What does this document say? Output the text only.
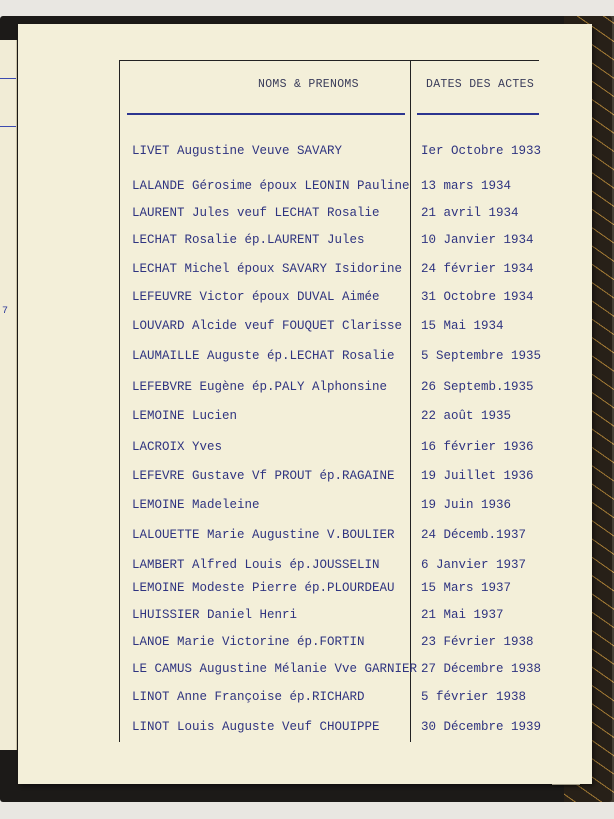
7
NOMS & PRENOMS	DATES DES ACTES
LIVET Augustine Veuve SAVARY	Ier Octobre 1933
LALANDE Gérosime époux LEONIN Pauline 13 mars 1934
LAURENT Jules veuf LECHAT Rosalie	21 avril 1934
LECHAT Rosalie ép.LAURENT Jules	10 Janvier 1934
LECHAT Michel époux SAVARY Isidorine 24 février 1934
LEFEUVRE Victor époux DUVAL Aimée	31 Octobre 1934
LOUVARD Alcide veuf FOUQUET Clarisse 15 Mai 1934
LAUMAILLE Auguste ép.LECHAT Rosalie 5 Septembre 1935
LEFEBVRE Eugène ép.PALY Alphonsine	26 Septemb.1935
LEMOINE Lucien	22 août 1935
LACROIX Yves	16 février 1936
LEFEVRE Gustave Vf PROUT ép.RAGAINE 19 Juillet 1936
LEMOINE Madeleine	19 Juin 1936
LALOUETTE Marie Augustine V.BOULIER 24 Décemb.1937
LAMBERT Alfred Louis ép.JOUSSELIN	6 Janvier 1937
LEMOINE Modeste Pierre ép.PLOURDEAU 15 Mars 1937
LHUISSIER Daniel Henri	21 Mai 1937
LANOE Marie Victorine ép.FORTIN	23 Février 1938
LE CAMUS Augustine Mélanie Vve GARNIER 27 Décembre 1938
LINOT Anne Françoise ép.RICHARD	5 février 1938
LINOT Louis Auguste Veuf CHOUIPPE	30 Décembre 1939
